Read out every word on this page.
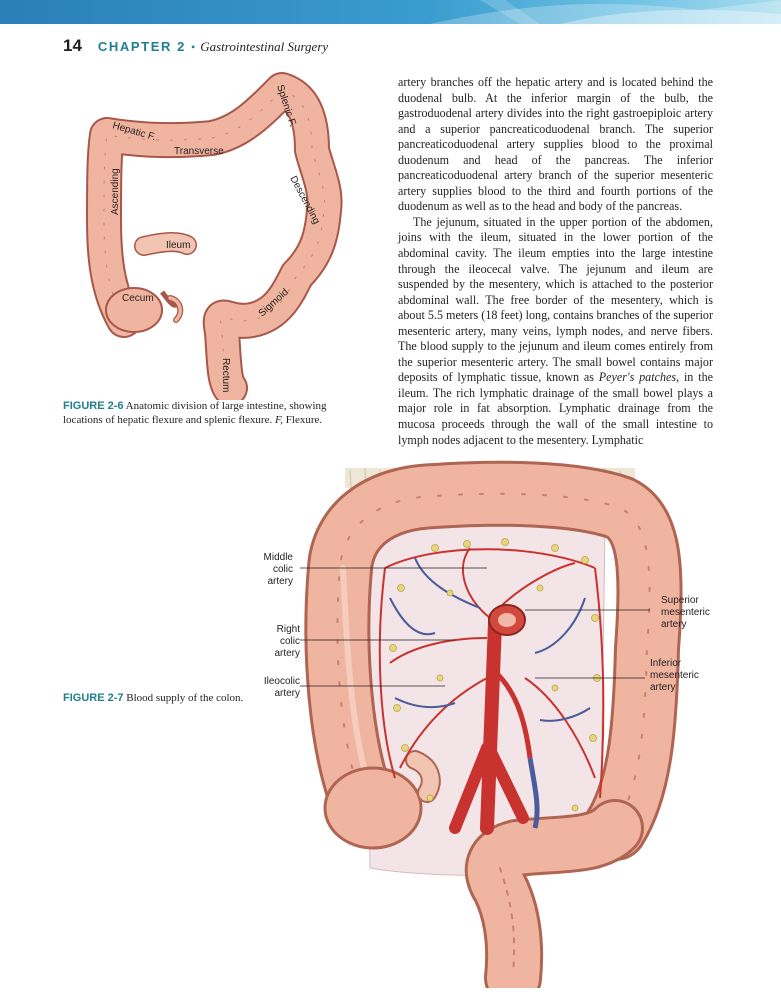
14 CHAPTER 2 • Gastrointestinal Surgery
Hepatic F.
Splenic F.
Transverse
Ascending	Descending
Ileum
Cecum	Sigmoid
Rectum
FIGURE 2-6 Anatomic division of large intestine, showing locations of hepatic flexure and splenic flexure. F, Flexure.

artery branches off the hepatic artery and is located behind the duodenal bulb. At the inferior margin of the bulb, the gastroduodenal artery divides into the right gastroepiploic artery and a superior pancreaticoduodenal branch. The superior pancreaticoduodenal artery supplies blood to the proximal duodenum and head of the pancreas. The inferior pancreaticoduodenal artery branch of the superior mesenteric artery supplies blood to the third and fourth portions of the duodenum as well as to the head and body of the pancreas.

The jejunum, situated in the upper portion of the abdomen, joins with the ileum, situated in the lower portion of the abdominal cavity. The ileum empties into the large intestine through the ileocecal valve. The jejunum and ileum are suspended by the mesentery, which is attached to the posterior abdominal wall. The free border of the mesentery, which is about 5.5 meters (18 feet) long, contains branches of the superior mesenteric artery, many veins, lymph nodes, and nerve fibers. The blood supply to the jejunum and ileum comes entirely from the superior mesenteric artery. The small bowel contains major deposits of lymphatic tissue, known as Peyer's patches, in the ileum. The rich lymphatic drainage of the small bowel plays a major role in fat absorption. Lymphatic drainage from the mucosa proceeds through the wall of the small intestine to lymph nodes adjacent to the mesentery. Lymphatic

Middle
colic
artery
Right
colic
artery
Ileocolic
artery
Superior
mesenteric
artery
Inferior
mesenteric
artery
FIGURE 2-7 Blood supply of the colon.
